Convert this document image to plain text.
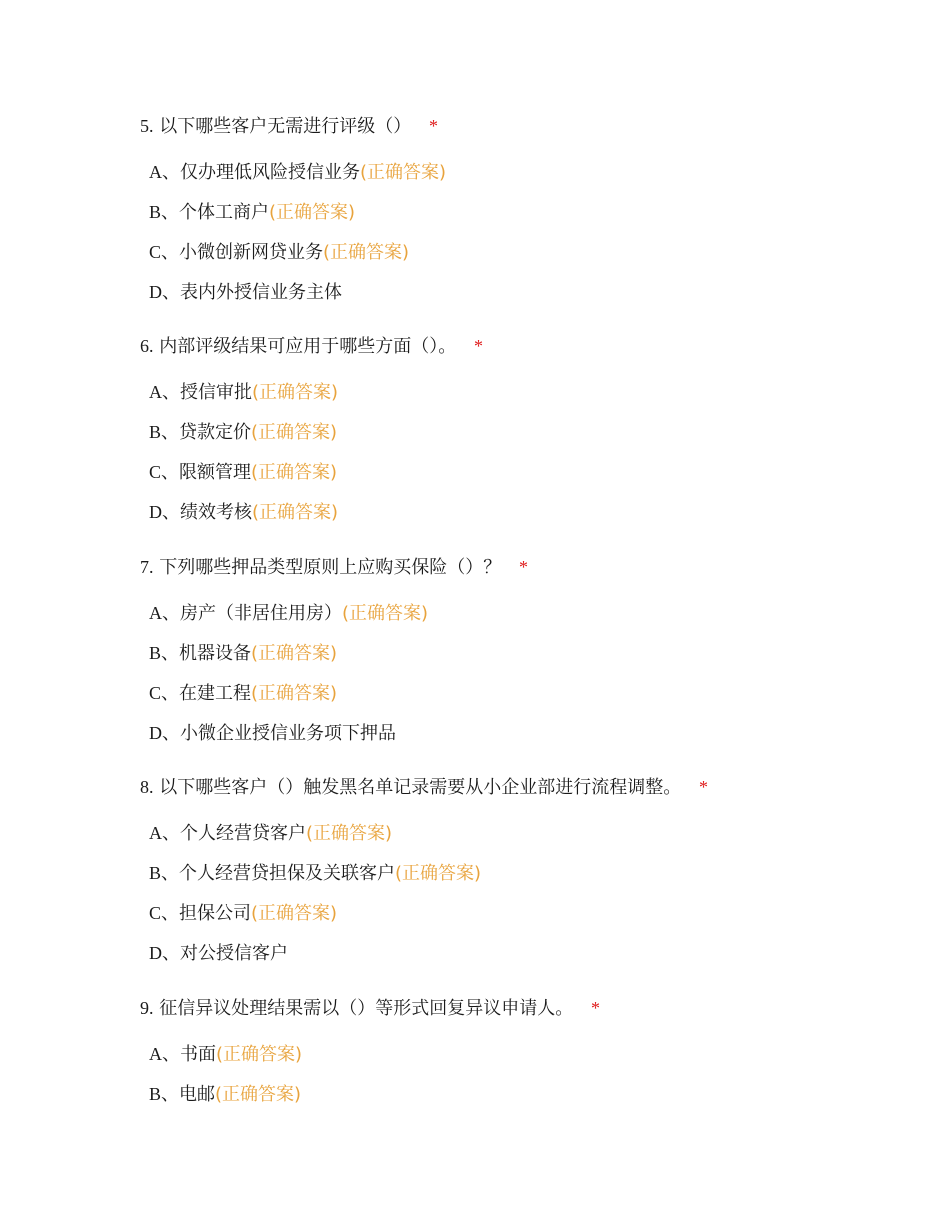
5. 以下哪些客户无需进行评级（） *
A、仅办理低风险授信业务(正确答案)
B、个体工商户(正确答案)
C、小微创新网贷业务(正确答案)
D、表内外授信业务主体
6. 内部评级结果可应用于哪些方面（）。 *
A、授信审批(正确答案)
B、贷款定价(正确答案)
C、限额管理(正确答案)
D、绩效考核(正确答案)
7. 下列哪些押品类型原则上应购买保险（）？ *
A、房产（非居住用房）(正确答案)
B、机器设备(正确答案)
C、在建工程(正确答案)
D、小微企业授信业务项下押品
8. 以下哪些客户（）触发黑名单记录需要从小企业部进行流程调整。 *
A、个人经营贷客户(正确答案)
B、个人经营贷担保及关联客户(正确答案)
C、担保公司(正确答案)
D、对公授信客户
9. 征信异议处理结果需以（）等形式回复异议申请人。 *
A、书面(正确答案)
B、电邮(正确答案)
